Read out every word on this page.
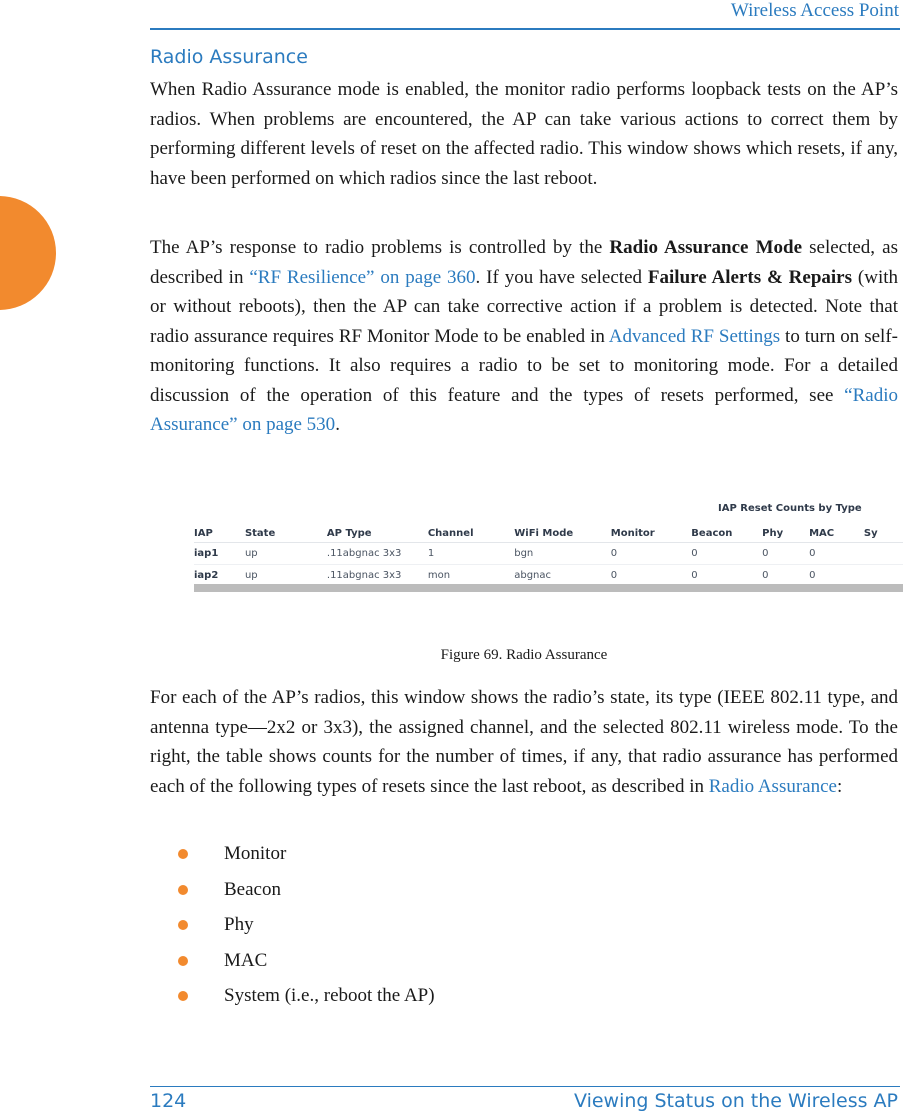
Wireless Access Point
Radio Assurance

When Radio Assurance mode is enabled, the monitor radio performs loopback tests on the AP’s radios. When problems are encountered, the AP can take various actions to correct them by performing different levels of reset on the affected radio. This window shows which resets, if any, have been performed on which radios since the last reboot.

The AP’s response to radio problems is controlled by the Radio Assurance Mode selected, as described in “RF Resilience” on page 360. If you have selected Failure Alerts & Repairs (with or without reboots), then the AP can take corrective action if a problem is detected. Note that radio assurance requires RF Monitor Mode to be enabled in Advanced RF Settings to turn on self-monitoring functions. It also requires a radio to be set to monitoring mode. For a detailed discussion of the operation of this feature and the types of resets performed, see “Radio Assurance” on page 530.

IAP Reset Counts by Type
IAP	State	AP Type	Channel	WiFi Mode	Monitor	Beacon	Phy	MAC	Sy
iap1	up	.11abgnac 3x3	1	bgn	0	0	0	0	
iap2	up	.11abgnac 3x3	mon	abgnac	0	0	0	0	
Figure 69. Radio Assurance

For each of the AP’s radios, this window shows the radio’s state, its type (IEEE 802.11 type, and antenna type—2x2 or 3x3), the assigned channel, and the selected 802.11 wireless mode. To the right, the table shows counts for the number of times, if any, that radio assurance has performed each of the following types of resets since the last reboot, as described in Radio Assurance:

Monitor
Beacon
Phy
MAC
System (i.e., reboot the AP)
124	Viewing Status on the Wireless AP
